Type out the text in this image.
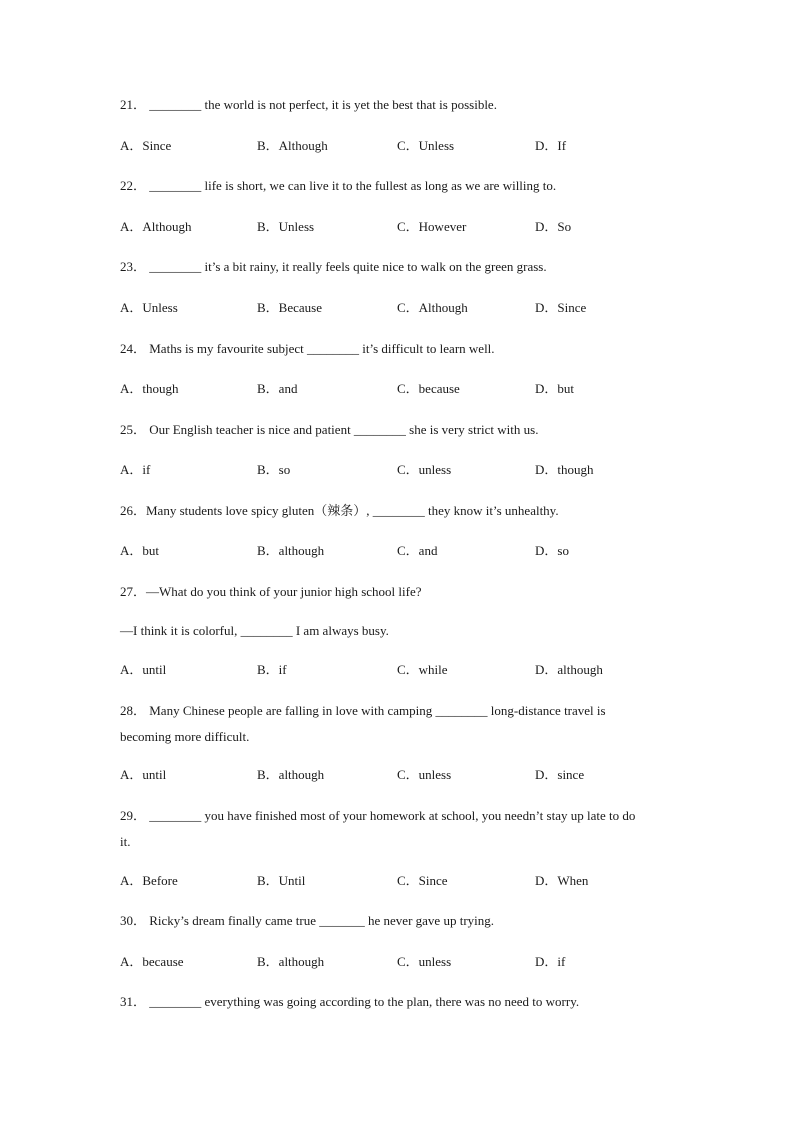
21． ________ the world is not perfect, it is yet the best that is possible.
A．Since	B．Although	C．Unless	D．If
22． ________ life is short, we can live it to the fullest as long as we are willing to.
A．Although	B．Unless	C．However	D．So
23． ________ it’s a bit rainy, it really feels quite nice to walk on the green grass.
A．Unless	B．Because	C．Although	D．Since
24． Maths is my favourite subject ________ it’s difficult to learn well.
A．though	B．and	C．because	D．but
25． Our English teacher is nice and patient ________ she is very strict with us.
A．if	B．so	C．unless	D．though
26．Many students love spicy gluten（辣条）, ________ they know it’s unhealthy.
A．but	B．although	C．and	D．so
27．—What do you think of your junior high school life?
—I think it is colorful, ________ I am always busy.
A．until	B．if	C．while	D．although
28． Many Chinese people are falling in love with camping ________ long-distance travel is
becoming more difficult.
A．until	B．although	C．unless	D．since
29． ________ you have finished most of your homework at school, you needn’t stay up late to do
it.
A．Before	B．Until	C．Since	D．When
30． Ricky’s dream finally came true _______ he never gave up trying.
A．because	B．although	C．unless	D．if
31． ________ everything was going according to the plan, there was no need to worry.
